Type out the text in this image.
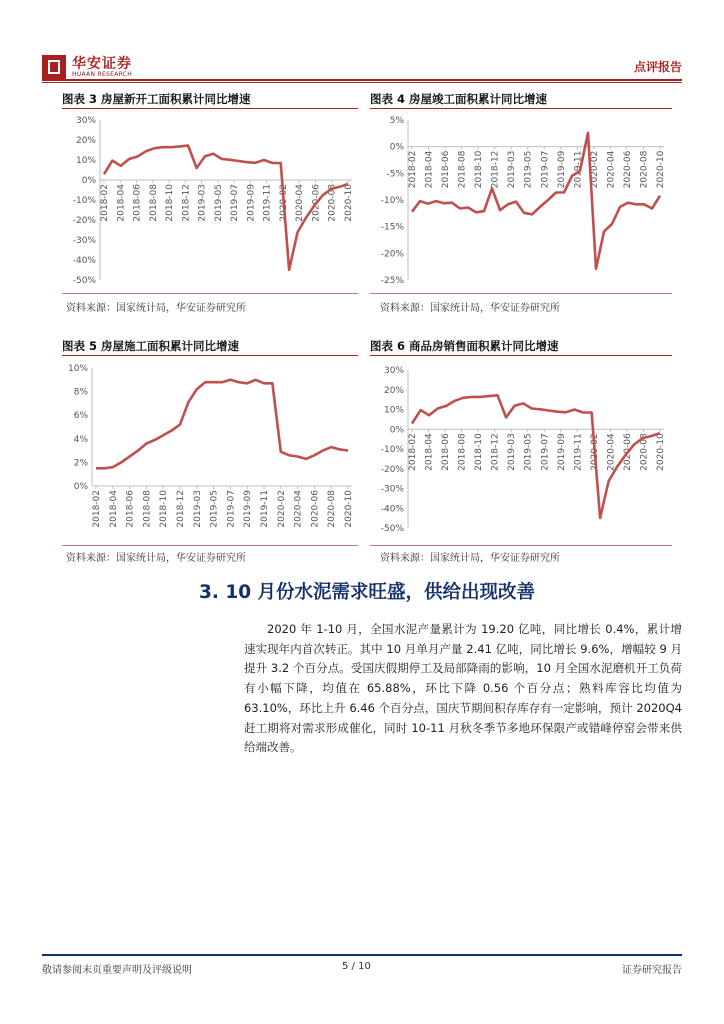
华安证券
HUAAN RESEARCH
点评报告
图表 3 房屋新开工面积累计同比增速
30%
20%
10%
0%
-10%
-20%
-30%
-40%
-50%
2018-02 2018-04 2018-06 2018-08 2018-10 2018-12 2019-03 2019-05 2019-07 2019-09 2019-11 2020-02 2020-04 2020-06 2020-08 2020-10
资料来源：国家统计局，华安证券研究所
图表 4 房屋竣工面积累计同比增速
5%
0%
-5%
-10%
-15%
-20%
-25%
2018-02 2018-04 2018-06 2018-08 2018-10 2018-12 2019-03 2019-05 2019-07 2019-09 2019-11 2020-02 2020-04 2020-06 2020-08 2020-10
资料来源：国家统计局，华安证券研究所
图表 5 房屋施工面积累计同比增速
10%
8%
6%
4%
2%
0%
2018-02 2018-04 2018-06 2018-08 2018-10 2018-12 2019-03 2019-05 2019-07 2019-09 2019-11 2020-02 2020-04 2020-06 2020-08 2020-10
资料来源：国家统计局，华安证券研究所
图表 6 商品房销售面积累计同比增速
30%
20%
10%
0%
-10%
-20%
-30%
-40%
-50%
2018-02 2018-04 2018-06 2018-08 2018-10 2018-12 2019-03 2019-05 2019-07 2019-09 2019-11 2020-02 2020-04 2020-06 2020-08 2020-10
资料来源：国家统计局，华安证券研究所
3. 10 月份水泥需求旺盛，供给出现改善
2020 年 1-10 月，全国水泥产量累计为 19.20 亿吨，同比增长 0.4%，累计增速实现年内首次转正。其中 10 月单月产量 2.41 亿吨，同比增长 9.6%，增幅较 9 月提升 3.2 个百分点。受国庆假期停工及局部降雨的影响，10 月全国水泥磨机开工负荷有小幅下降，均值在 65.88%，环比下降 0.56 个百分点；熟料库容比均值为 63.10%，环比上升 6.46 个百分点，国庆节期间积存库存有一定影响，预计 2020Q4 赶工期将对需求形成催化，同时 10-11 月秋冬季节多地环保限产或错峰停窑会带来供给端改善。
敬请参阅末页重要声明及评级说明	5 / 10	证券研究报告
